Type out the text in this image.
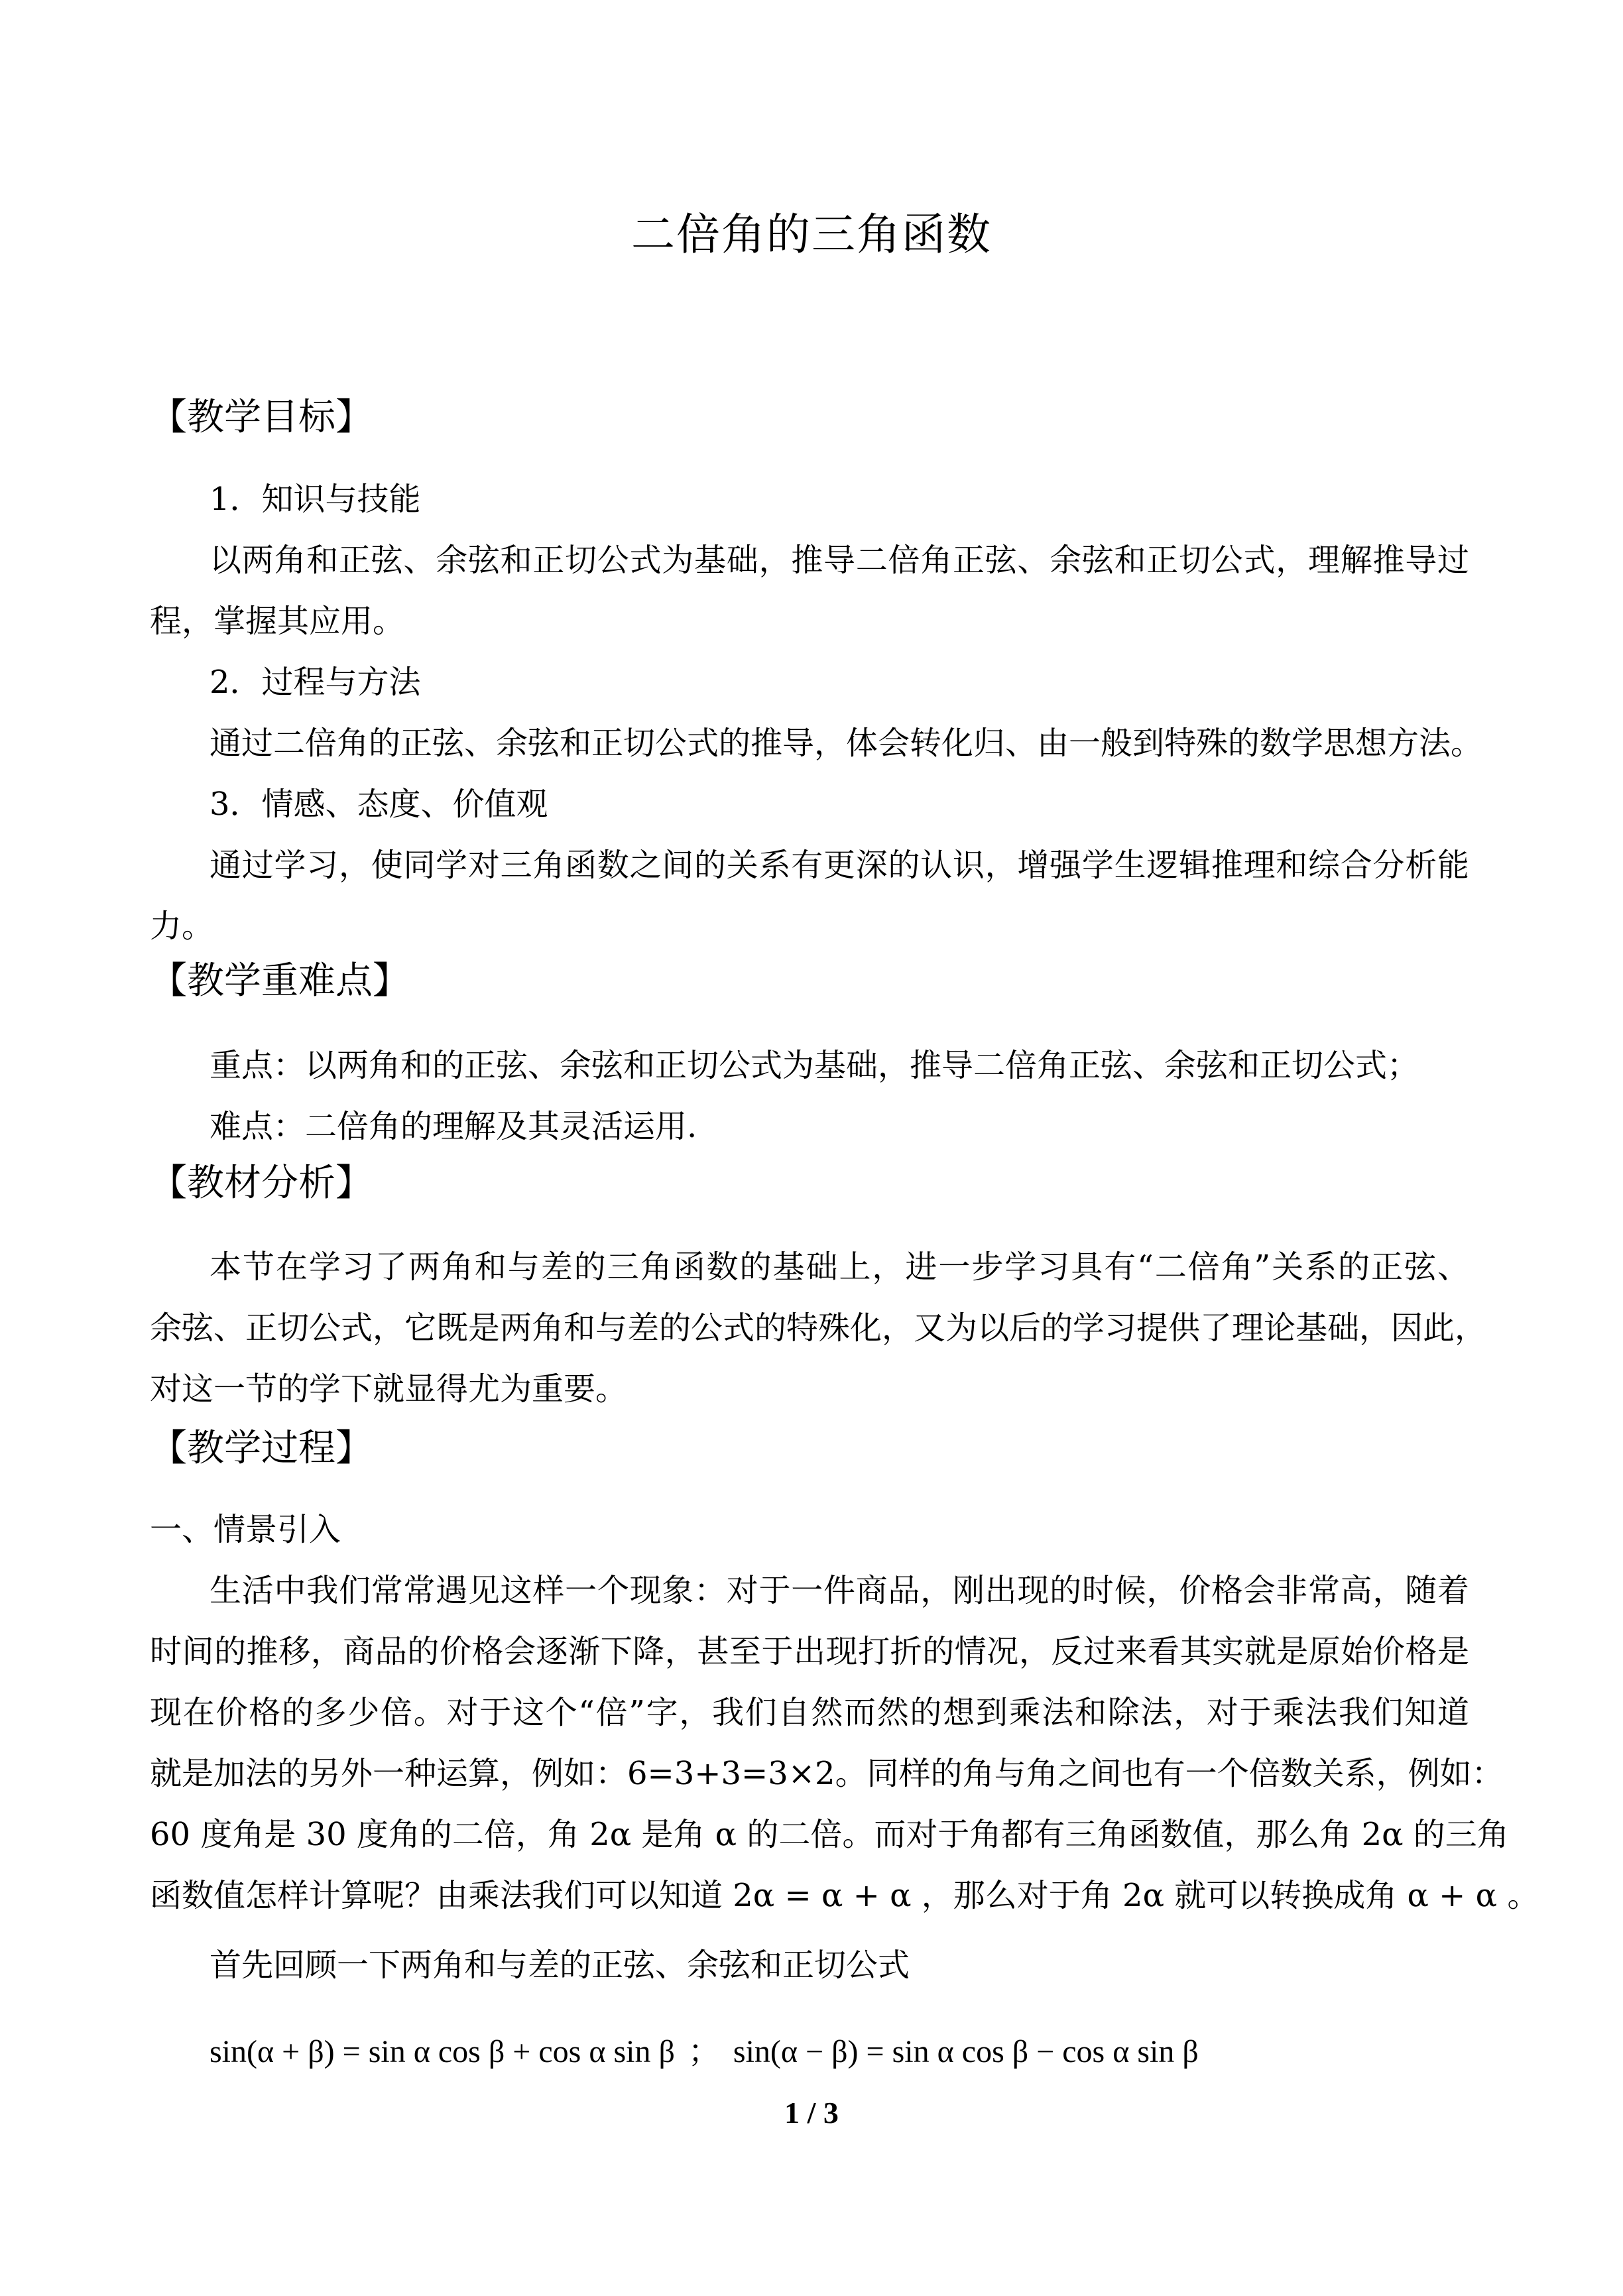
二倍角的三角函数
【教学目标】
1．知识与技能
以两角和正弦、余弦和正切公式为基础，推导二倍角正弦、余弦和正切公式，理解推导过
程，掌握其应用。
2．过程与方法
通过二倍角的正弦、余弦和正切公式的推导，体会转化归、由一般到特殊的数学思想方法。
3．情感、态度、价值观
通过学习，使同学对三角函数之间的关系有更深的认识，增强学生逻辑推理和综合分析能
力。
【教学重难点】
重点：以两角和的正弦、余弦和正切公式为基础，推导二倍角正弦、余弦和正切公式；
难点：二倍角的理解及其灵活运用.
【教材分析】
本节在学习了两角和与差的三角函数的基础上，进一步学习具有“二倍角”关系的正弦、
余弦、正切公式，它既是两角和与差的公式的特殊化，又为以后的学习提供了理论基础，因此，
对这一节的学下就显得尤为重要。
【教学过程】
一、情景引入
生活中我们常常遇见这样一个现象：对于一件商品，刚出现的时候，价格会非常高，随着
时间的推移，商品的价格会逐渐下降，甚至于出现打折的情况，反过来看其实就是原始价格是
现在价格的多少倍。对于这个“倍”字，我们自然而然的想到乘法和除法，对于乘法我们知道
就是加法的另外一种运算，例如：6=3+3=3×2。同样的角与角之间也有一个倍数关系，例如：
60 度角是 30 度角的二倍，角 2α 是角 α 的二倍。而对于角都有三角函数值，那么角 2α 的三角
函数值怎样计算呢？由乘法我们可以知道 2α = α + α ，那么对于角 2α 就可以转换成角 α + α 。
首先回顾一下两角和与差的正弦、余弦和正切公式
sin(α + β) = sin α cos β + cos α sin β ； sin(α − β) = sin α cos β − cos α sin β
1 / 3
